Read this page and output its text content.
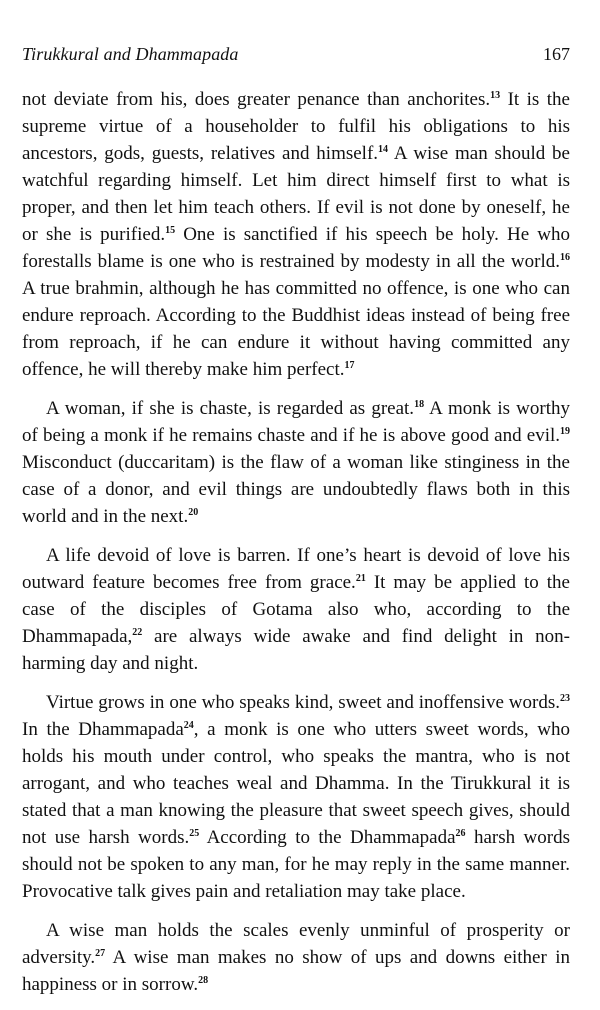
Tirukkural and Dhammapada	167

not deviate from his, does greater penance than anchorites.$^{13}$ It is the supreme virtue of a householder to fulfil his obligations to his ancestors, gods, guests, relatives and himself.$^{14}$ A wise man should be watchful regarding himself. Let him direct himself first to what is proper, and then let him teach others. If evil is not done by oneself, he or she is purified.$^{15}$ One is sanctified if his speech be holy. He who forestalls blame is one who is restrained by modesty in all the world.$^{16}$ A true brahmin, although he has committed no offence, is one who can endure reproach. According to the Buddhist ideas instead of being free from reproach, if he can endure it without having committed any offence, he will thereby make him perfect.$^{17}$

A woman, if she is chaste, is regarded as great.$^{18}$ A monk is worthy of being a monk if he remains chaste and if he is above good and evil.$^{19}$ Misconduct (duccaritam) is the flaw of a woman like stinginess in the case of a donor, and evil things are undoubtedly flaws both in this world and in the next.$^{20}$

A life devoid of love is barren. If one’s heart is devoid of love his outward feature becomes free from grace.$^{21}$ It may be applied to the case of the disciples of Gotama also who, according to the Dhammapada,$^{22}$ are always wide awake and find delight in non-harming day and night.

Virtue grows in one who speaks kind, sweet and inoffensive words.$^{23}$ In the Dhammapada$^{24}$, a monk is one who utters sweet words, who holds his mouth under control, who speaks the mantra, who is not arrogant, and who teaches weal and Dhamma. In the Tirukkural it is stated that a man knowing the pleasure that sweet speech gives, should not use harsh words.$^{25}$ According to the Dhammapada$^{26}$ harsh words should not be spoken to any man, for he may reply in the same manner. Provocative talk gives pain and retaliation may take place.

A wise man holds the scales evenly unminful of prosperity or adversity.$^{27}$ A wise man makes no show of ups and downs either in happiness or in sorrow.$^{28}$
